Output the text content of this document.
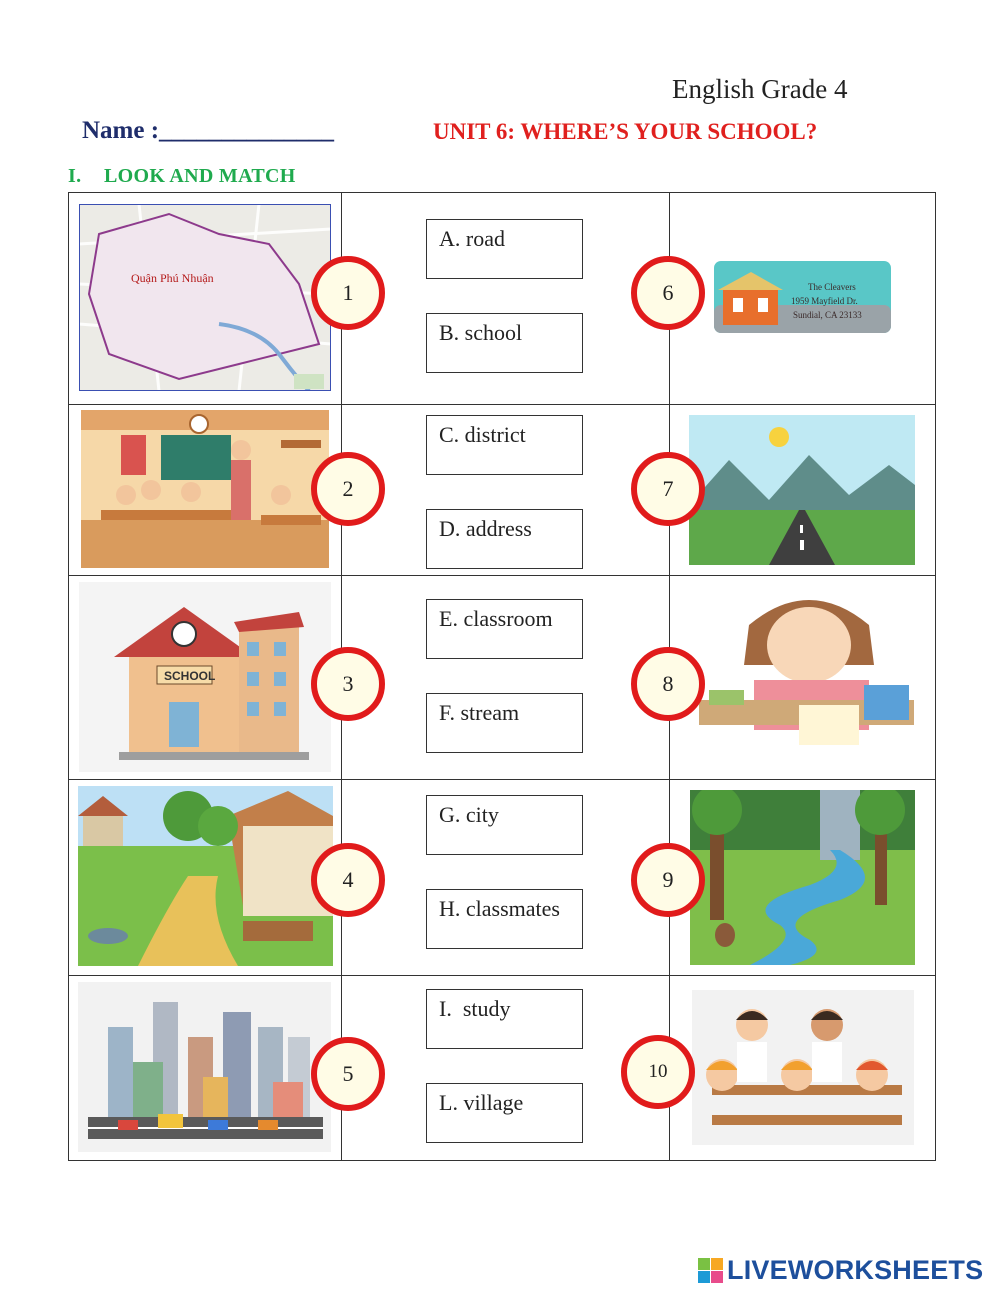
English Grade 4
Name :______________	UNIT 6: WHERE’S YOUR SCHOOL?
I. LOOK AND MATCH
Quận Phú Nhuận
SCHOOL
The Cleavers
1959 Mayfield Dr.
Sundial, CA 23133
1
2
3
4
5
6
7
8
9
10
A. road
B. school
C. district
D. address
E. classroom
F. stream
G. city
H. classmates
I.  study
L. village
LIVEWORKSHEETS
